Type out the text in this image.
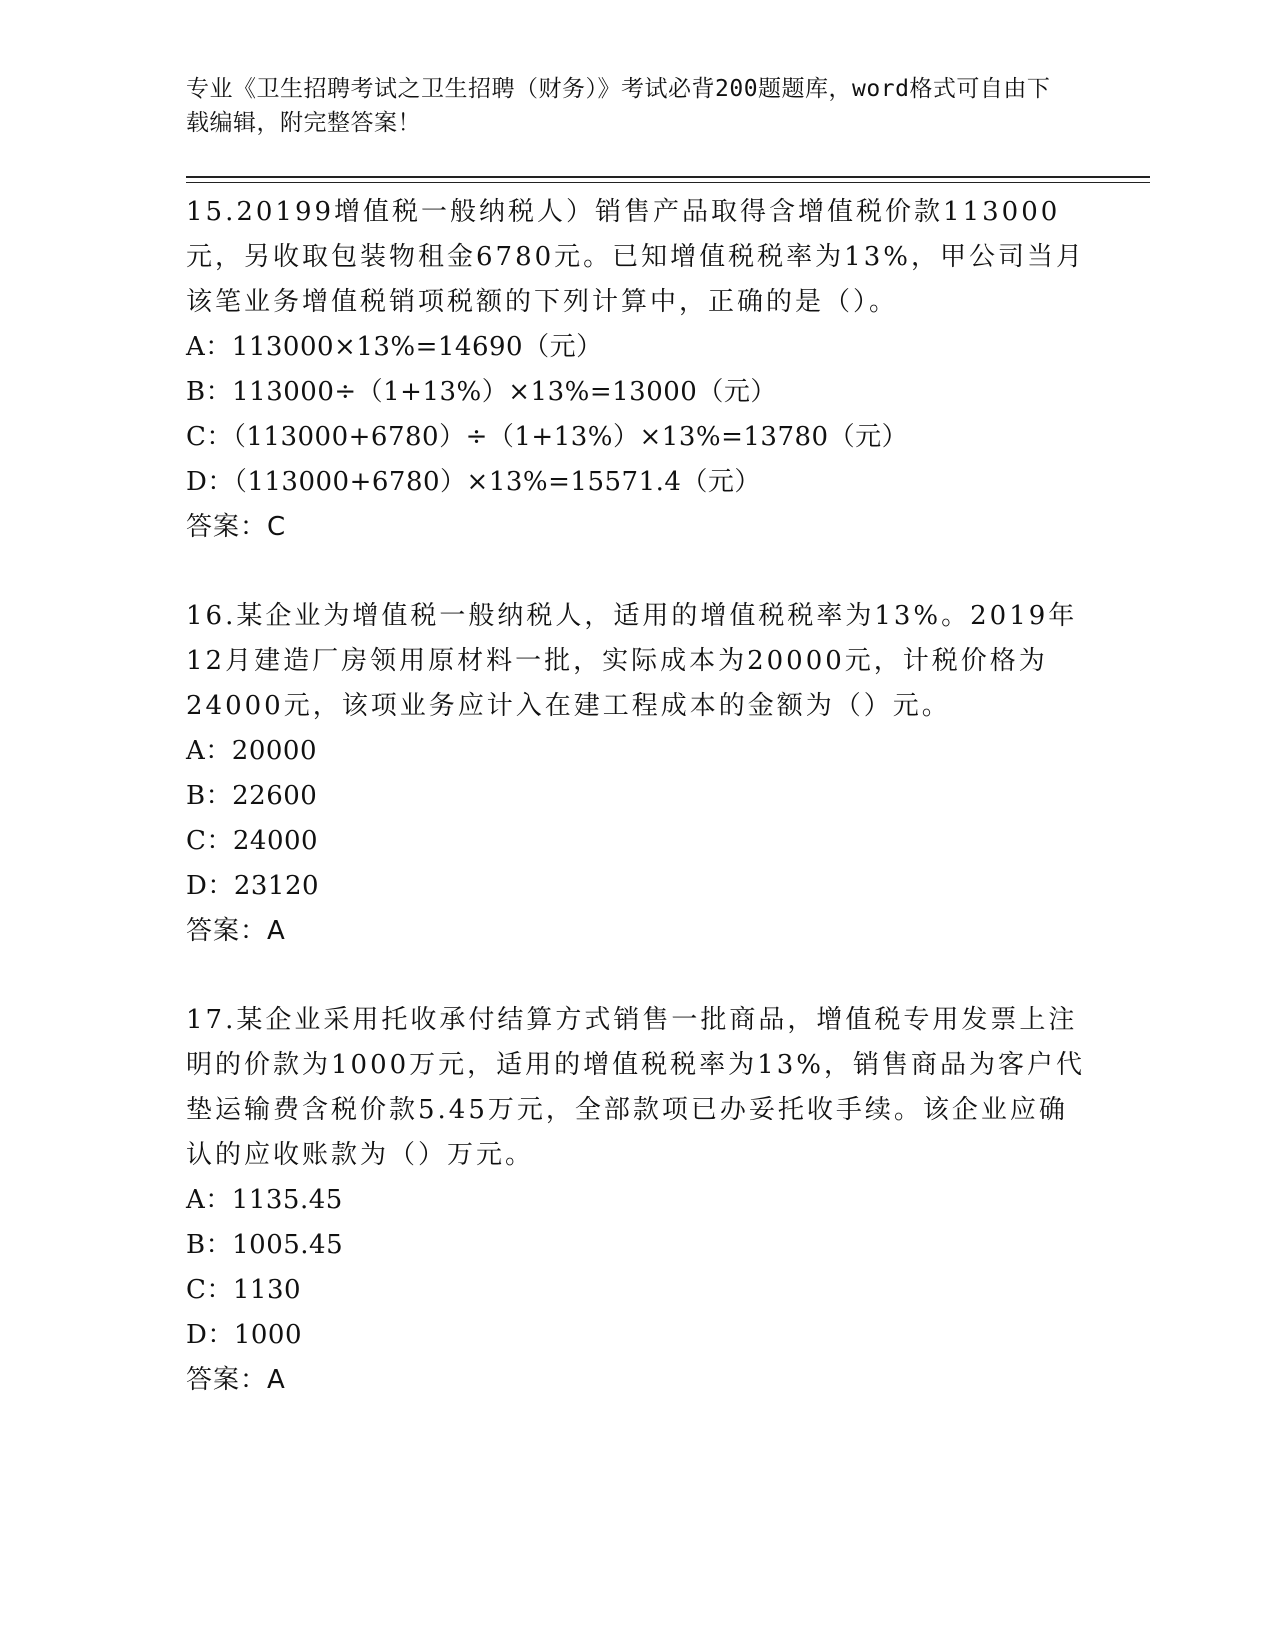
专业《卫生招聘考试之卫生招聘（财务）》考试必背200题题库，word格式可自由下载编辑，附完整答案！

15.20199增值税一般纳税人）销售产品取得含增值税价款113000元，另收取包装物租金6780元。已知增值税税率为13%，甲公司当月该笔业务增值税销项税额的下列计算中，正确的是（）。

A：113000×13%=14690（元）

B：113000÷（1+13%）×13%=13000（元）

C：（113000+6780）÷（1+13%）×13%=13780（元）

D：（113000+6780）×13%=15571.4（元）

答案：C

16.某企业为增值税一般纳税人，适用的增值税税率为13%。2019年12月建造厂房领用原材料一批，实际成本为20000元，计税价格为24000元，该项业务应计入在建工程成本的金额为（）元。

A：20000

B：22600

C：24000

D：23120

答案：A

17.某企业采用托收承付结算方式销售一批商品，增值税专用发票上注明的价款为1000万元，适用的增值税税率为13%，销售商品为客户代垫运输费含税价款5.45万元，全部款项已办妥托收手续。该企业应确认的应收账款为（）万元。

A：1135.45

B：1005.45

C：1130

D：1000

答案：A
